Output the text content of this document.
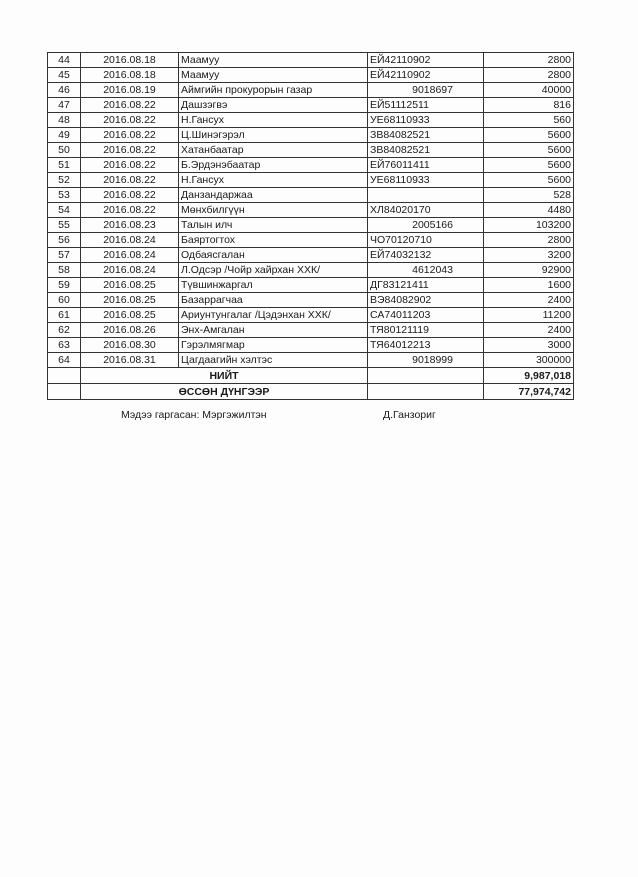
44	2016.08.18	Маамуу	ЕЙ42110902	2800
45	2016.08.18	Маамуу	ЕЙ42110902	2800
46	2016.08.19	Аймгийн прокурорын газар	9018697	40000
47	2016.08.22	Дашзэгвэ	ЕЙ51112511	816
48	2016.08.22	Н.Гансух	УЕ68110933	560
49	2016.08.22	Ц.Шинэгэрэл	ЗВ84082521	5600
50	2016.08.22	Хатанбаатар	ЗВ84082521	5600
51	2016.08.22	Б.Эрдэнэбаатар	ЕЙ76011411	5600
52	2016.08.22	Н.Гансух	УЕ68110933	5600
53	2016.08.22	Данзандаржаа		528
54	2016.08.22	Мөнхбилгүүн	ХЛ84020170	4480
55	2016.08.23	Талын илч	2005166	103200
56	2016.08.24	Баяртогтох	ЧО70120710	2800
57	2016.08.24	Одбаясгалан	ЕЙ74032132	3200
58	2016.08.24	Л.Одсэр /Чойр хайрхан ХХК/	4612043	92900
59	2016.08.25	Түвшинжаргал	ДГ83121411	1600
60	2016.08.25	Базаррагчаа	ВЭ84082902	2400
61	2016.08.25	Ариунтунгалаг /Цэдэнхан ХХК/	СА74011203	11200
62	2016.08.26	Энх-Амгалан	ТЯ80121119	2400
63	2016.08.30	Гэрэлмягмар	ТЯ64012213	3000
64	2016.08.31	Цагдаагийн хэлтэс	9018999	300000
	НИЙТ			9,987,018
	ӨССӨН ДҮНГЭЭР			77,974,742
Мэдээ гаргасан: Мэргэжилтэн	Д.Ганзориг
